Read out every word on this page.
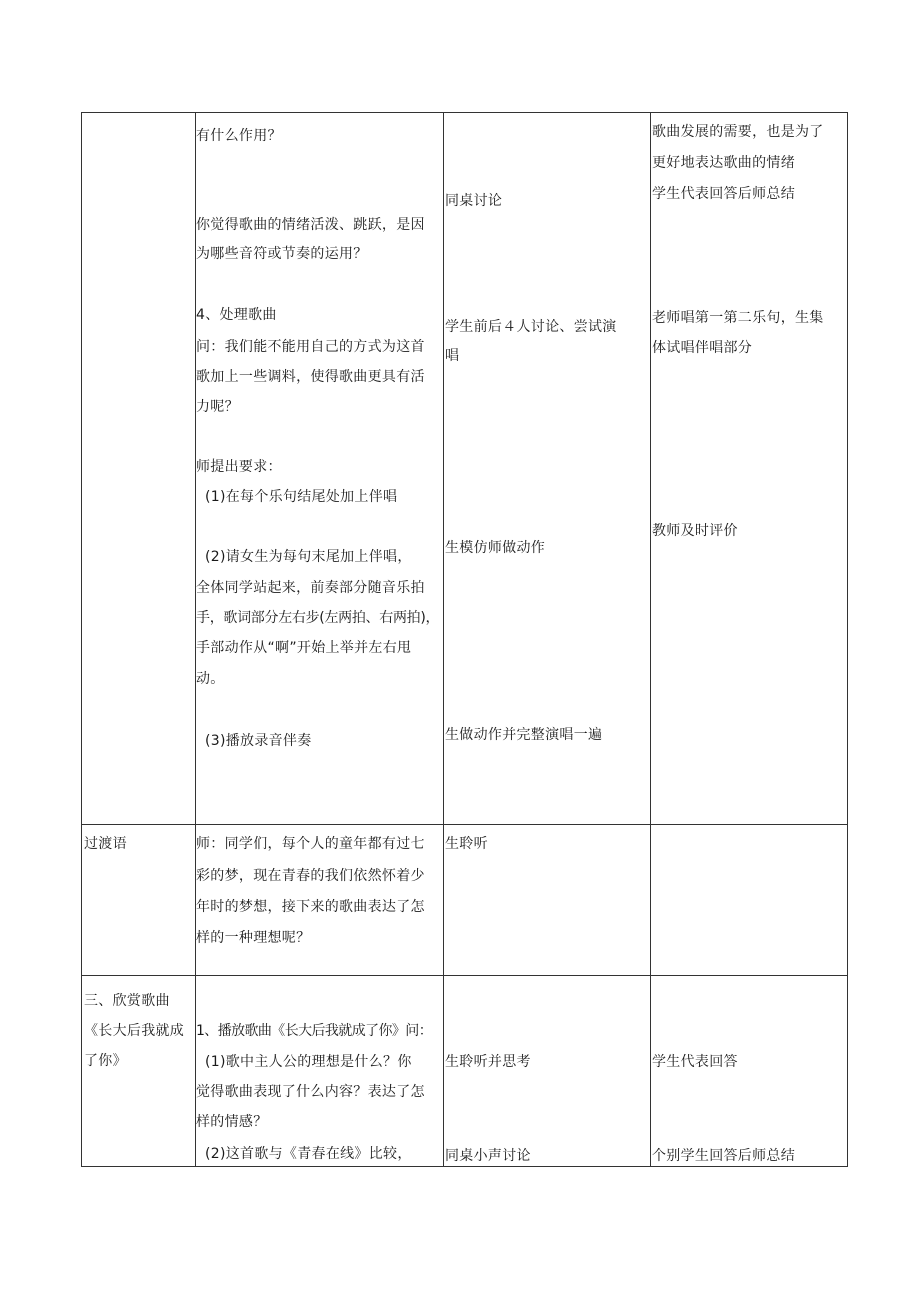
有什么作用？
你觉得歌曲的情绪活泼、跳跃，是因
为哪些音符或节奏的运用？
4、处理歌曲
问：我们能不能用自己的方式为这首
歌加上一些调料，使得歌曲更具有活
力呢？
师提出要求：
(1)在每个乐句结尾处加上伴唱
(2)请女生为每句末尾加上伴唱，
全体同学站起来，前奏部分随音乐拍
手，歌词部分左右步(左两拍、右两拍)，
手部动作从“啊”开始上举并左右甩
动。
(3)播放录音伴奏
同桌讨论
学生前后４人讨论、尝试演
唱
生模仿师做动作
生做动作并完整演唱一遍
歌曲发展的需要，也是为了
更好地表达歌曲的情绪
学生代表回答后师总结
老师唱第一第二乐句，生集
体试唱伴唱部分
教师及时评价
过渡语	师：同学们，每个人的童年都有过七
彩的梦，现在青春的我们依然怀着少
年时的梦想，接下来的歌曲表达了怎
样的一种理想呢？
生聆听
三、欣赏歌曲
《长大后我就成
了你》
1、播放歌曲《长大后我就成了你》问：
(1)歌中主人公的理想是什么？你
觉得歌曲表现了什么内容？表达了怎
样的情感？
(2)这首歌与《青春在线》比较，
生聆听并思考
同桌小声讨论
学生代表回答
个别学生回答后师总结
